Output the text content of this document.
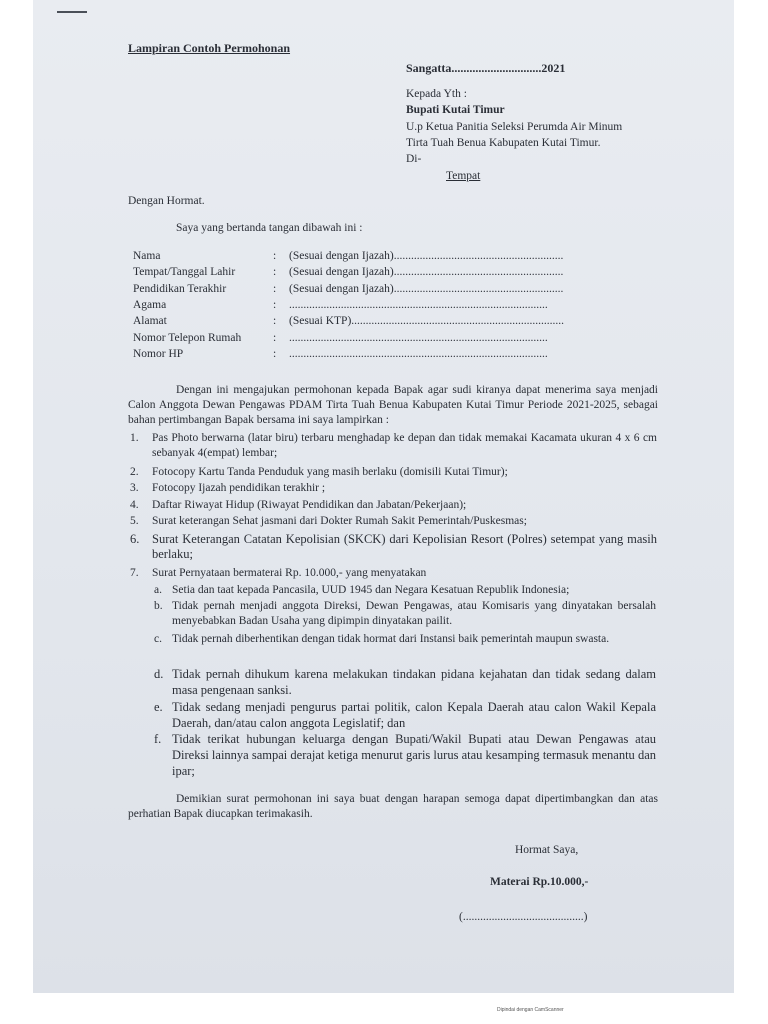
Lampiran Contoh Permohonan
Sangatta..............................2021
Kepada Yth :
Bupati Kutai Timur
U.p Ketua Panitia Seleksi Perumda Air Minum
Tirta Tuah Benua Kabupaten Kutai Timur.
Di-
Tempat
Dengan Hormat.
Saya yang bertanda tangan dibawah ini :
Nama	: (Sesuai dengan Ijazah)...........................................................
Tempat/Tanggal Lahir	: (Sesuai dengan Ijazah)...........................................................
Pendidikan Terakhir	: (Sesuai dengan Ijazah)...........................................................
Agama	: ..........................................................................................
Alamat	: (Sesuai KTP)..........................................................................
Nomor Telepon Rumah	: ..........................................................................................
Nomor HP	: ..........................................................................................
Dengan ini mengajukan permohonan kepada Bapak agar sudi kiranya dapat menerima saya menjadi Calon Anggota Dewan Pengawas PDAM Tirta Tuah Benua Kabupaten Kutai Timur Periode 2021-2025, sebagai bahan pertimbangan Bapak bersama ini saya lampirkan :
1. Pas Photo berwarna (latar biru) terbaru menghadap ke depan dan tidak memakai Kacamata ukuran 4 x 6 cm sebanyak 4(empat) lembar;
2. Fotocopy Kartu Tanda Penduduk yang masih berlaku (domisili Kutai Timur);
3. Fotocopy Ijazah pendidikan terakhir ;
4. Daftar Riwayat Hidup (Riwayat Pendidikan dan Jabatan/Pekerjaan);
5. Surat keterangan Sehat jasmani dari Dokter Rumah Sakit Pemerintah/Puskesmas;
6. Surat Keterangan Catatan Kepolisian (SKCK) dari Kepolisian Resort (Polres) setempat yang masih berlaku;
7. Surat Pernyataan bermaterai Rp. 10.000,- yang menyatakan
a. Setia dan taat kepada Pancasila, UUD 1945 dan Negara Kesatuan Republik Indonesia;
b. Tidak pernah menjadi anggota Direksi, Dewan Pengawas, atau Komisaris yang dinyatakan bersalah menyebabkan Badan Usaha yang dipimpin dinyatakan pailit.
c. Tidak pernah diberhentikan dengan tidak hormat dari Instansi baik pemerintah maupun swasta.
d. Tidak pernah dihukum karena melakukan tindakan pidana kejahatan dan tidak sedang dalam masa pengenaan sanksi.
e. Tidak sedang menjadi pengurus partai politik, calon Kepala Daerah atau calon Wakil Kepala Daerah, dan/atau calon anggota Legislatif; dan
f. Tidak terikat hubungan keluarga dengan Bupati/Wakil Bupati atau Dewan Pengawas atau Direksi lainnya sampai derajat ketiga menurut garis lurus atau kesamping termasuk menantu dan ipar;
Demikian surat permohonan ini saya buat dengan harapan semoga dapat dipertimbangkan dan atas perhatian Bapak diucapkan terimakasih.
Hormat Saya,
Materai Rp.10.000,-
(..........................................)
Dipindai dengan CamScanner
